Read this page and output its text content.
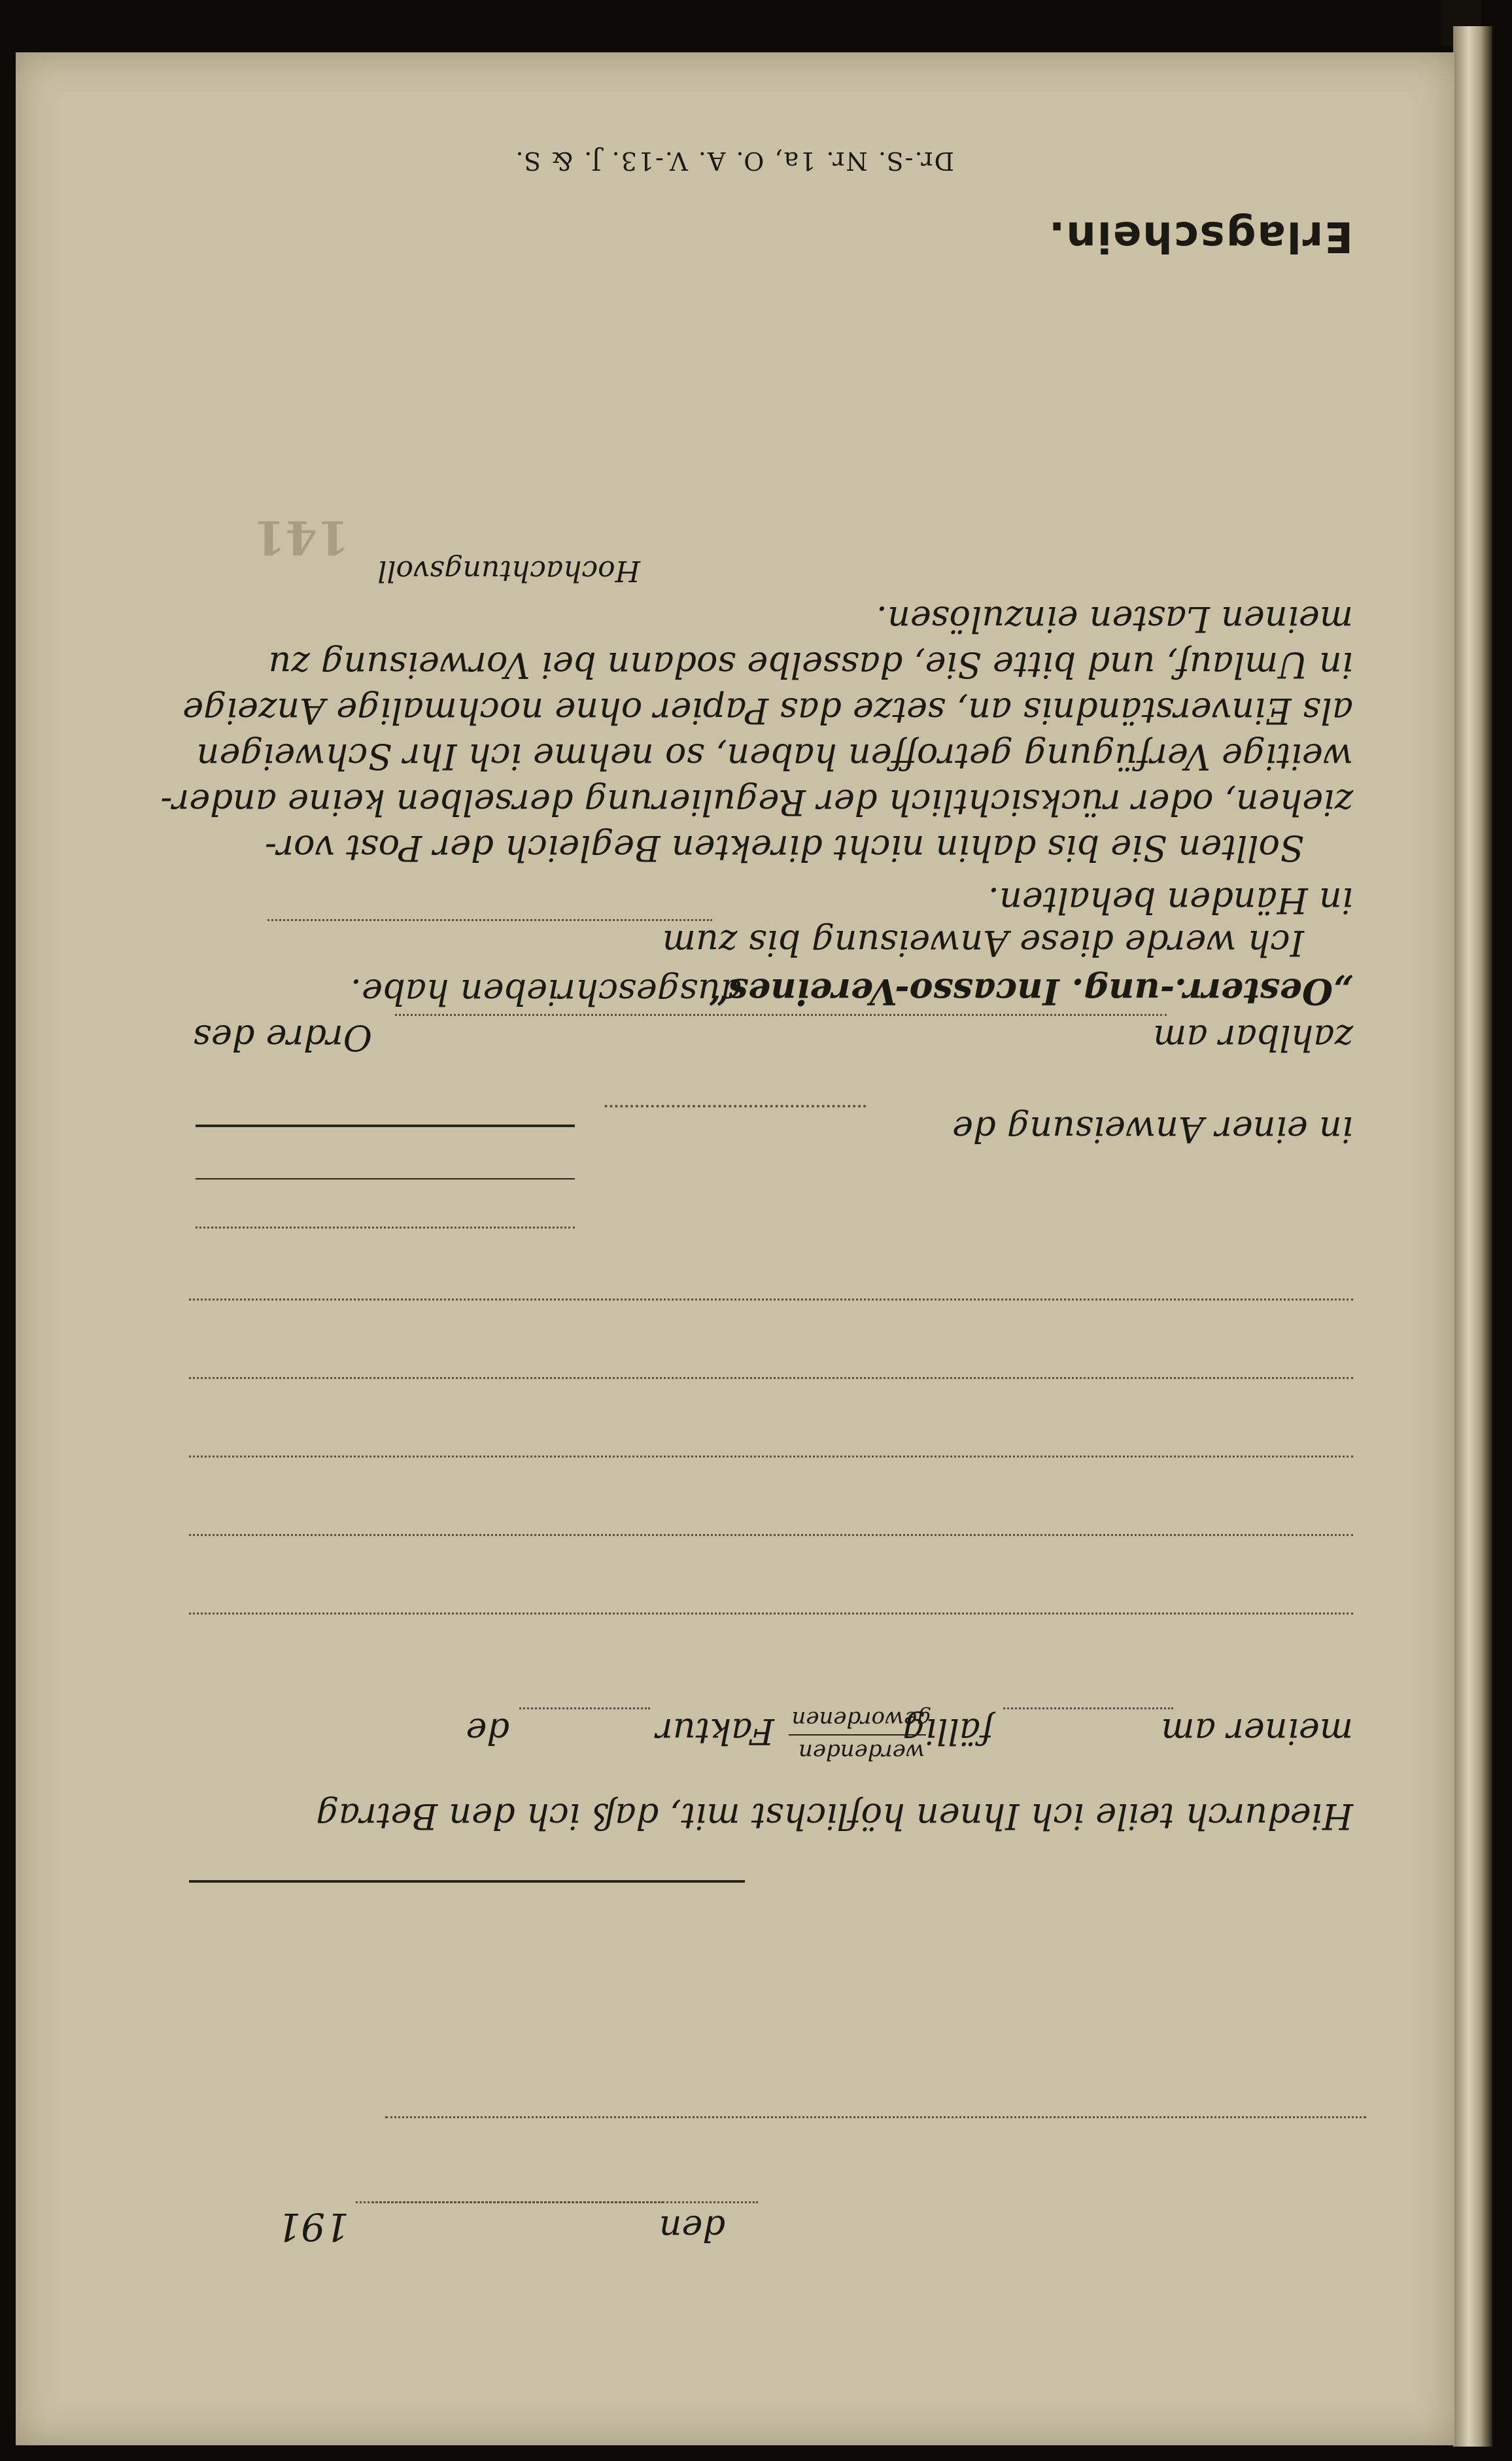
den
191
Hiedurch teile ich Ihnen höflichst mit, daß ich den Betrag
meiner am
fällig
werdenden
gewordenen
Faktur
de
in einer Anweisung de
zahlbar am
Ordre des
„Oesterr.-ung. Incasso-Vereines“
ausgeschrieben habe.
Ich werde diese Anweisung bis zum
in Händen behalten.
Sollten Sie bis dahin nicht direkten Begleich der Post vor-
ziehen, oder rücksichtlich der Regulierung derselben keine ander-
weitige Verfügung getroffen haben, so nehme ich Ihr Schweigen
als Einverständnis an, setze das Papier ohne nochmalige Anzeige
in Umlauf, und bitte Sie, dasselbe sodann bei Vorweisung zu
meinen Lasten einzulösen.
Hochachtungsvoll
141
Erlagschein.
Dr.-S. Nr. 1a, O. A. V.-13. J. & S.
